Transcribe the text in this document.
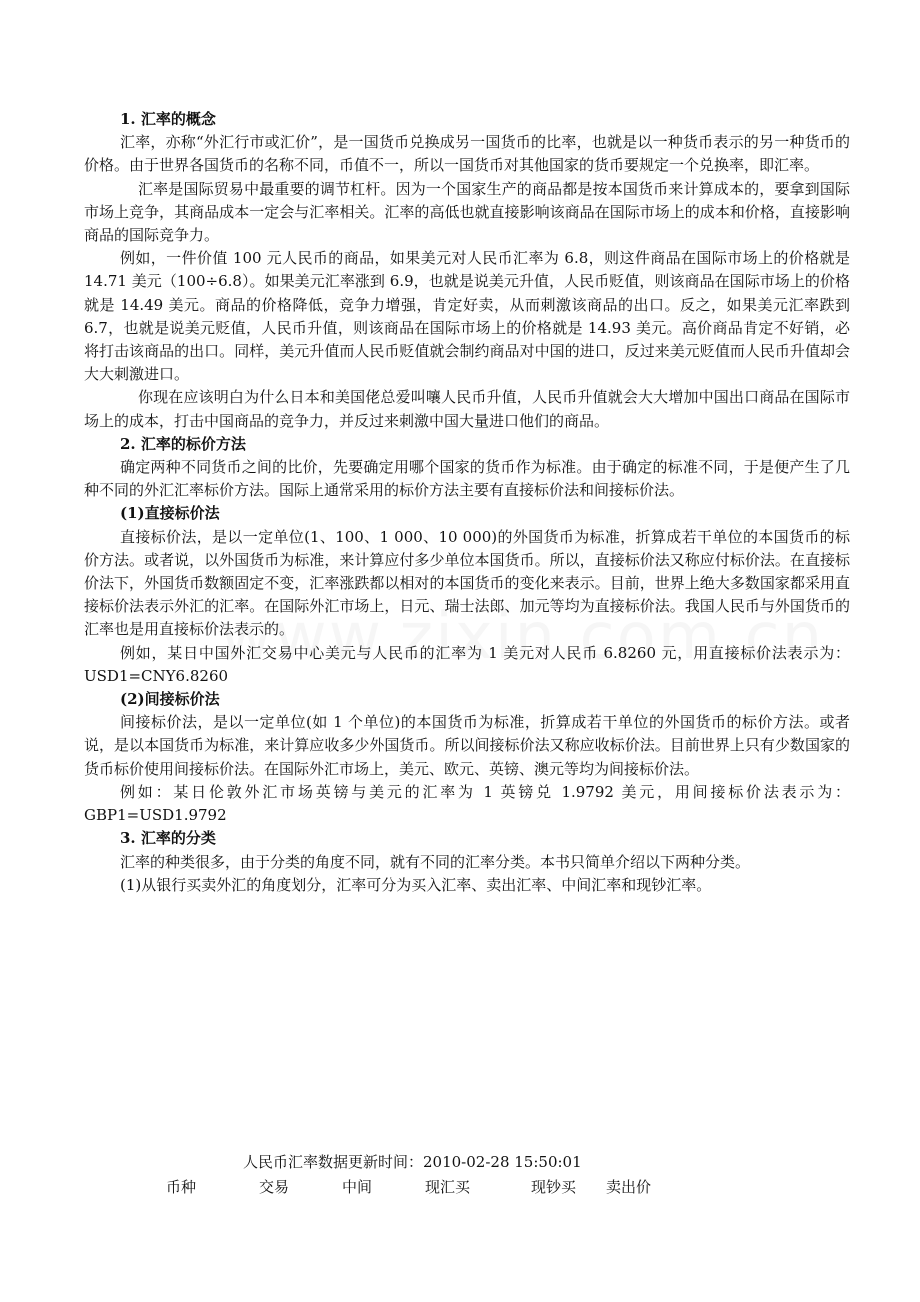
1. 汇率的概念
汇率，亦称“外汇行市或汇价”，是一国货币兑换成另一国货币的比率，也就是以一种货币表示的另一种货币的价格。由于世界各国货币的名称不同，币值不一，所以一国货币对其他国家的货币要规定一个兑换率，即汇率。
汇率是国际贸易中最重要的调节杠杆。因为一个国家生产的商品都是按本国货币来计算成本的，要拿到国际市场上竞争，其商品成本一定会与汇率相关。汇率的高低也就直接影响该商品在国际市场上的成本和价格，直接影响商品的国际竞争力。
例如，一件价值 100 元人民币的商品，如果美元对人民币汇率为 6.8，则这件商品在国际市场上的价格就是 14.71 美元（100÷6.8）。如果美元汇率涨到 6.9，也就是说美元升值，人民币贬值，则该商品在国际市场上的价格就是 14.49 美元。商品的价格降低，竞争力增强，肯定好卖，从而刺激该商品的出口。反之，如果美元汇率跌到 6.7，也就是说美元贬值，人民币升值，则该商品在国际市场上的价格就是 14.93 美元。高价商品肯定不好销，必将打击该商品的出口。同样，美元升值而人民币贬值就会制约商品对中国的进口，反过来美元贬值而人民币升值却会大大刺激进口。
你现在应该明白为什么日本和美国佬总爱叫嚷人民币升值，人民币升值就会大大增加中国出口商品在国际市场上的成本，打击中国商品的竞争力，并反过来刺激中国大量进口他们的商品。
2. 汇率的标价方法
确定两种不同货币之间的比价，先要确定用哪个国家的货币作为标准。由于确定的标准不同，于是便产生了几种不同的外汇汇率标价方法。国际上通常采用的标价方法主要有直接标价法和间接标价法。
(1)直接标价法
直接标价法，是以一定单位(1、100、1 000、10 000)的外国货币为标准，折算成若干单位的本国货币的标价方法。或者说，以外国货币为标准，来计算应付多少单位本国货币。所以，直接标价法又称应付标价法。在直接标价法下，外国货币数额固定不变，汇率涨跌都以相对的本国货币的变化来表示。目前，世界上绝大多数国家都采用直接标价法表示外汇的汇率。在国际外汇市场上，日元、瑞士法郎、加元等均为直接标价法。我国人民币与外国货币的汇率也是用直接标价法表示的。
例如，某日中国外汇交易中心美元与人民币的汇率为 1 美元对人民币 6.8260 元，用直接标价法表示为：USD1=CNY6.8260
(2)间接标价法
间接标价法，是以一定单位(如 1 个单位)的本国货币为标准，折算成若干单位的外国货币的标价方法。或者说，是以本国货币为标准，来计算应收多少外国货币。所以间接标价法又称应收标价法。目前世界上只有少数国家的货币标价使用间接标价法。在国际外汇市场上，美元、欧元、英镑、澳元等均为间接标价法。
例如：某日伦敦外汇市场英镑与美元的汇率为 1 英镑兑 1.9792 美元，用间接标价法表示为：GBP1=USD1.9792
3. 汇率的分类
汇率的种类很多，由于分类的角度不同，就有不同的汇率分类。本书只简单介绍以下两种分类。
(1)从银行买卖外汇的角度划分，汇率可分为买入汇率、卖出汇率、中间汇率和现钞汇率。
人民币汇率数据更新时间：2010-02-28 15:50:01
币种	交易	中间	现汇买	现钞买 卖出价
